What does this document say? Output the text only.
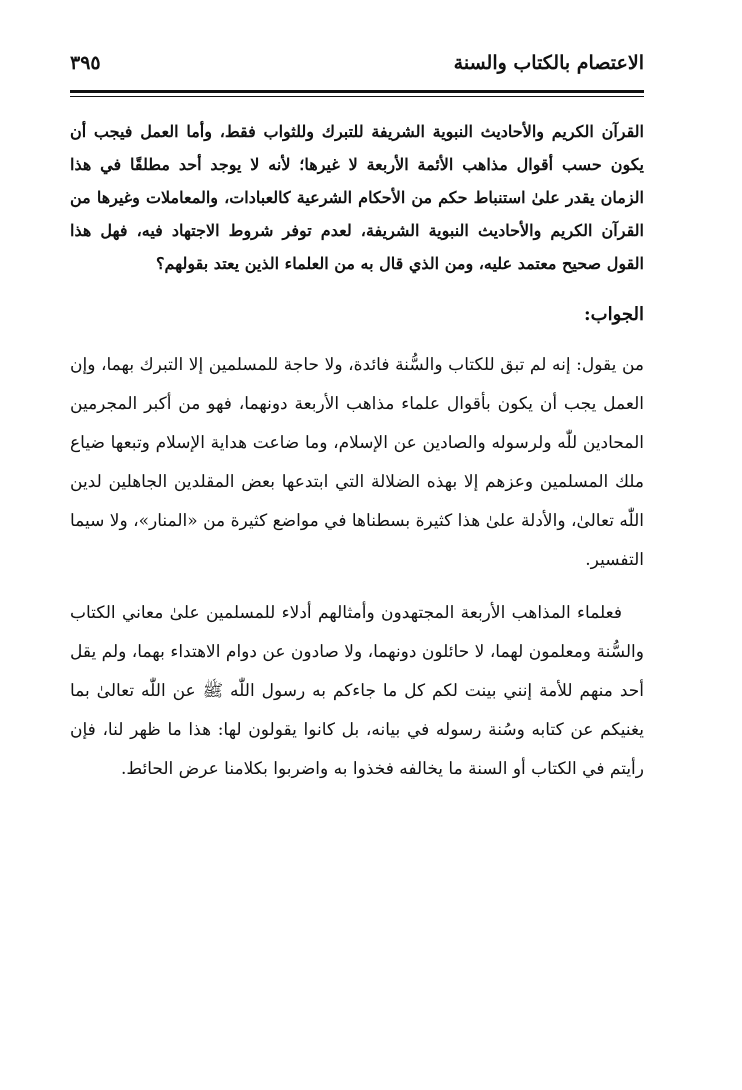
الاعتصام بالكتاب والسنة
٣٩٥

القرآن الكريم والأحاديث النبوية الشريفة للتبرك وللثواب فقط، وأما العمل فيجب أن يكون حسب أقوال مذاهب الأئمة الأربعة لا غيرها؛ لأنه لا يوجد أحد مطلقًا في هذا الزمان يقدر علىٰ استنباط حكم من الأحكام الشرعية كالعبادات، والمعاملات وغيرها من القرآن الكريم والأحاديث النبوية الشريفة، لعدم توفر شروط الاجتهاد فيه، فهل هذا القول صحيح معتمد عليه، ومن الذي قال به من العلماء الذين يعتد بقولهم؟

الجواب:

من يقول: إنه لم تبق للكتاب والسُّنة فائدة، ولا حاجة للمسلمين إلا التبرك بهما، وإن العمل يجب أن يكون بأقوال علماء مذاهب الأربعة دونهما، فهو من أكبر المجرمين المحادين للّٰه ولرسوله والصادين عن الإسلام، وما ضاعت هداية الإسلام وتبعها ضياع ملك المسلمين وعزهم إلا بهذه الضلالة التي ابتدعها بعض المقلدين الجاهلين لدين اللّٰه تعالىٰ، والأدلة علىٰ هذا كثيرة بسطناها في مواضع كثيرة من «المنار»، ولا سيما التفسير.

فعلماء المذاهب الأربعة المجتهدون وأمثالهم أدلاء للمسلمين علىٰ معاني الكتاب والسُّنة ومعلمون لهما، لا حائلون دونهما، ولا صادون عن دوام الاهتداء بهما، ولم يقل أحد منهم للأمة إنني بينت لكم كل ما جاءكم به رسول اللّٰه ﷺ عن اللّٰه تعالىٰ بما يغنيكم عن كتابه وسُنة رسوله في بيانه، بل كانوا يقولون لها: هذا ما ظهر لنا، فإن رأيتم في الكتاب أو السنة ما يخالفه فخذوا به واضربوا بكلامنا عرض الحائط.
